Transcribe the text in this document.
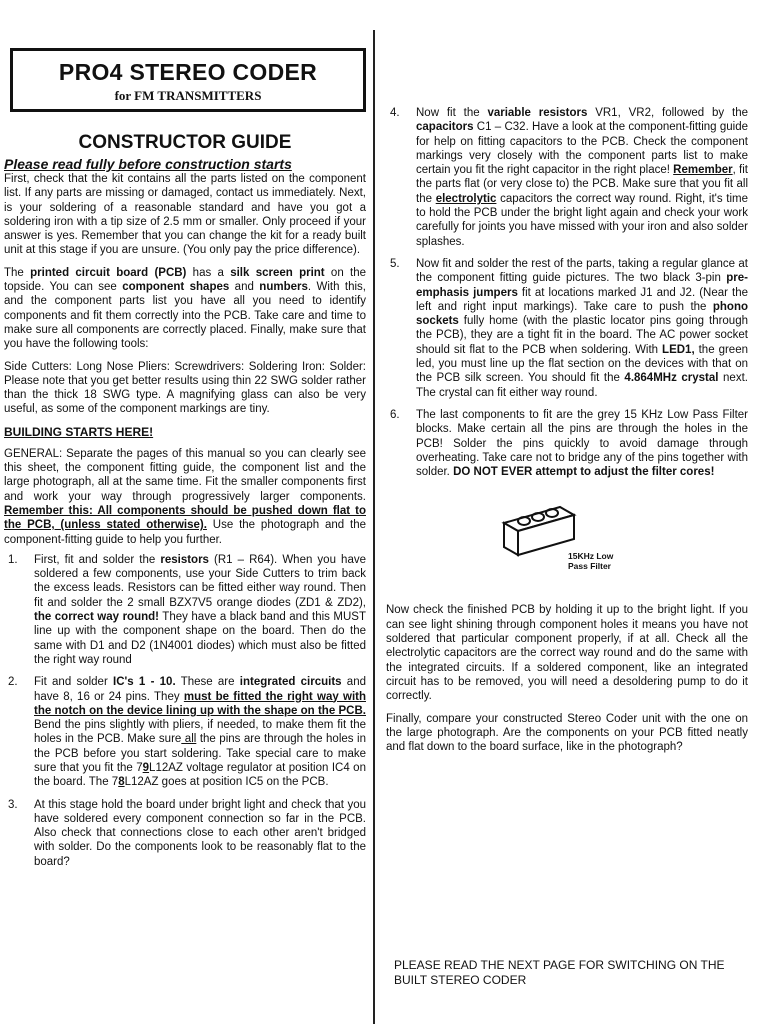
PRO4 STEREO CODER
for FM TRANSMITTERS
CONSTRUCTOR GUIDE
Please read fully before construction starts

First, check that the kit contains all the parts listed on the component list. If any parts are missing or damaged, contact us immediately. Next, is your soldering of a reasonable standard and have you got a soldering iron with a tip size of 2.5 mm or smaller. Only proceed if your answer is yes. Remember that you can change the kit for a ready built unit at this stage if you are unsure. (You only pay the price difference).

The printed circuit board (PCB) has a silk screen print on the topside. You can see component shapes and numbers. With this, and the component parts list you have all you need to identify components and fit them correctly into the PCB. Take care and time to make sure all components are correctly placed. Finally, make sure that you have the following tools:

Side Cutters: Long Nose Pliers: Screwdrivers: Soldering Iron: Solder: Please note that you get better results using thin 22 SWG solder rather than the thick 18 SWG type. A magnifying glass can also be very useful, as some of the component markings are tiny.

BUILDING STARTS HERE!

GENERAL: Separate the pages of this manual so you can clearly see this sheet, the component fitting guide, the component list and the large photograph, all at the same time. Fit the smaller components first and work your way through progressively larger components. Remember this: All components should be pushed down flat to the PCB, (unless stated otherwise). Use the photograph and the component-fitting guide to help you further.

1. First, fit and solder the resistors (R1 – R64). When you have soldered a few components, use your Side Cutters to trim back the excess leads. Resistors can be fitted either way round. Then fit and solder the 2 small BZX7V5 orange diodes (ZD1 & ZD2), the correct way round! They have a black band and this MUST line up with the component shape on the board. Then do the same with D1 and D2 (1N4001 diodes) which must also be fitted the right way round
2. Fit and solder IC's 1 - 10. These are integrated circuits and have 8, 16 or 24 pins. They must be fitted the right way with the notch on the device lining up with the shape on the PCB. Bend the pins slightly with pliers, if needed, to make them fit the holes in the PCB. Make sure all the pins are through the holes in the PCB before you start soldering. Take special care to make sure that you fit the 79L12AZ voltage regulator at position IC4 on the board. The 78L12AZ goes at position IC5 on the PCB.
3. At this stage hold the board under bright light and check that you have soldered every component connection so far in the PCB. Also check that connections close to each other aren't bridged with solder. Do the components look to be reasonably flat to the board?
4. Now fit the variable resistors VR1, VR2, followed by the capacitors C1 – C32. Have a look at the component-fitting guide for help on fitting capacitors to the PCB. Check the component markings very closely with the component parts list to make certain you fit the right capacitor in the right place! Remember, fit the parts flat (or very close to) the PCB. Make sure that you fit all the electrolytic capacitors the correct way round. Right, it's time to hold the PCB under the bright light again and check your work carefully for joints you have missed with your iron and also solder splashes.
5. Now fit and solder the rest of the parts, taking a regular glance at the component fitting guide pictures. The two black 3-pin pre-emphasis jumpers fit at locations marked J1 and J2. (Near the left and right input markings). Take care to push the phono sockets fully home (with the plastic locator pins going through the PCB), they are a tight fit in the board. The AC power socket should sit flat to the PCB when soldering. With LED1, the green led, you must line up the flat section on the devices with that on the PCB silk screen. You should fit the 4.864MHz crystal next. The crystal can fit either way round.
6. The last components to fit are the grey 15 KHz Low Pass Filter blocks. Make certain all the pins are through the holes in the PCB! Solder the pins quickly to avoid damage through overheating. Take care not to bridge any of the pins together with solder. DO NOT EVER attempt to adjust the filter cores!
15KHz Low
Pass Filter

Now check the finished PCB by holding it up to the bright light. If you can see light shining through component holes it means you have not soldered that particular component properly, if at all. Check all the electrolytic capacitors are the correct way round and do the same with the integrated circuits. If a soldered component, like an integrated circuit has to be removed, you will need a desoldering pump to do it correctly.

Finally, compare your constructed Stereo Coder unit with the one on the large photograph. Are the components on your PCB fitted neatly and flat down to the board surface, like in the photograph?

PLEASE READ THE NEXT PAGE FOR SWITCHING ON THE BUILT STEREO CODER
